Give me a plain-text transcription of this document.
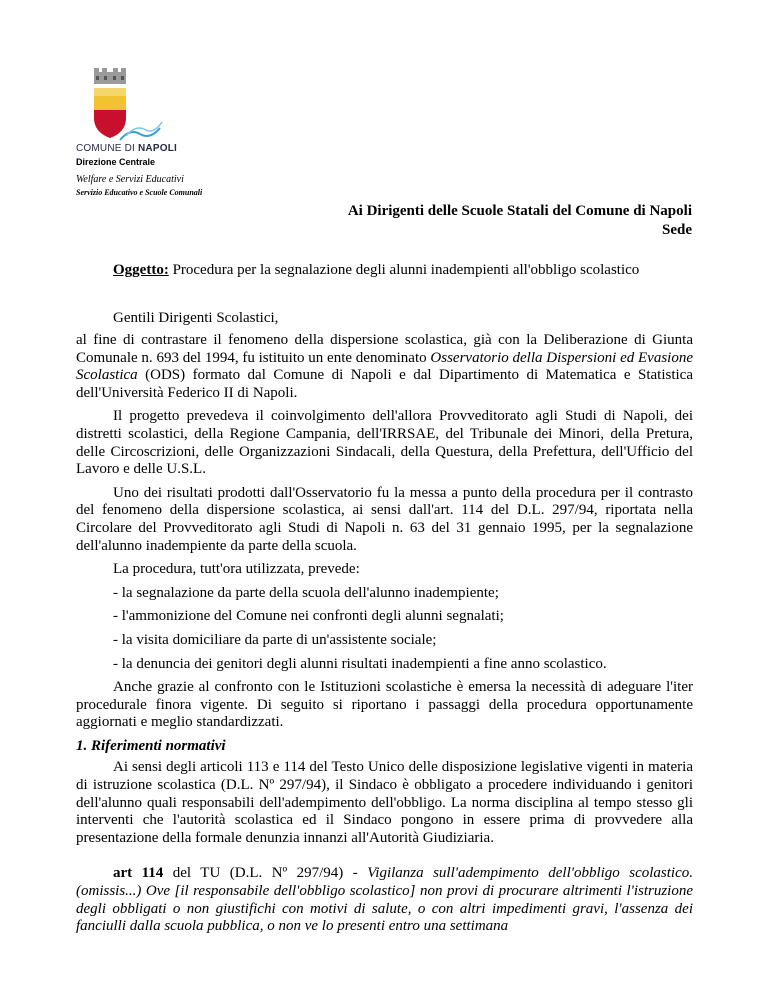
COMUNE DI NAPOLI
Direzione Centrale
Welfare e Servizi Educativi
Servizio Educativo e Scuole Comunali
Ai Dirigenti delle Scuole Statali del Comune di Napoli
Sede
Oggetto: Procedura per la segnalazione degli alunni inadempienti all'obbligo scolastico
Gentili Dirigenti Scolastici,

al fine di contrastare il fenomeno della dispersione scolastica, già con la Deliberazione di Giunta Comunale n. 693 del 1994, fu istituito un ente denominato Osservatorio della Dispersioni ed Evasione Scolastica (ODS) formato dal Comune di Napoli e dal Dipartimento di Matematica e Statistica dell'Università Federico II di Napoli.

Il progetto prevedeva il coinvolgimento dell'allora Provveditorato agli Studi di Napoli, dei distretti scolastici, della Regione Campania, dell'IRRSAE, del Tribunale dei Minori, della Pretura, delle Circoscrizioni, delle Organizzazioni Sindacali, della Questura, della Prefettura, dell'Ufficio del Lavoro e delle U.S.L.

Uno dei risultati prodotti dall'Osservatorio fu la messa a punto della procedura per il contrasto del fenomeno della dispersione scolastica, ai sensi dall'art. 114 del D.L. 297/94, riportata nella Circolare del Provveditorato agli Studi di Napoli n. 63 del 31 gennaio 1995, per la segnalazione dell'alunno inadempiente da parte della scuola.

La procedura, tutt'ora utilizzata, prevede:

- la segnalazione da parte della scuola dell'alunno inadempiente;

- l'ammonizione del Comune nei confronti degli alunni segnalati;

- la visita domiciliare da parte di un'assistente sociale;

- la denuncia dei genitori degli alunni risultati inadempienti a fine anno scolastico.

Anche grazie al confronto con le Istituzioni scolastiche è emersa la necessità di adeguare l'iter procedurale finora vigente. Di seguito si riportano i passaggi della procedura opportunamente aggiornati e meglio standardizzati.

1. Riferimenti normativi

Ai sensi degli articoli 113 e 114 del Testo Unico delle disposizione legislative vigenti in materia di istruzione scolastica (D.L. Nº 297/94), il Sindaco è obbligato a procedere individuando i genitori dell'alunno quali responsabili dell'adempimento dell'obbligo. La norma disciplina al tempo stesso gli interventi che l'autorità scolastica ed il Sindaco pongono in essere prima di provvedere alla presentazione della formale denunzia innanzi all'Autorità Giudiziaria.

art 114 del TU (D.L. Nº 297/94) - Vigilanza sull'adempimento dell'obbligo scolastico. (omissis...) Ove [il responsabile dell'obbligo scolastico] non provi di procurare altrimenti l'istruzione degli obbligati o non giustifichi con motivi di salute, o con altri impedimenti gravi, l'assenza dei fanciulli dalla scuola pubblica, o non ve lo presenti entro una settimana
